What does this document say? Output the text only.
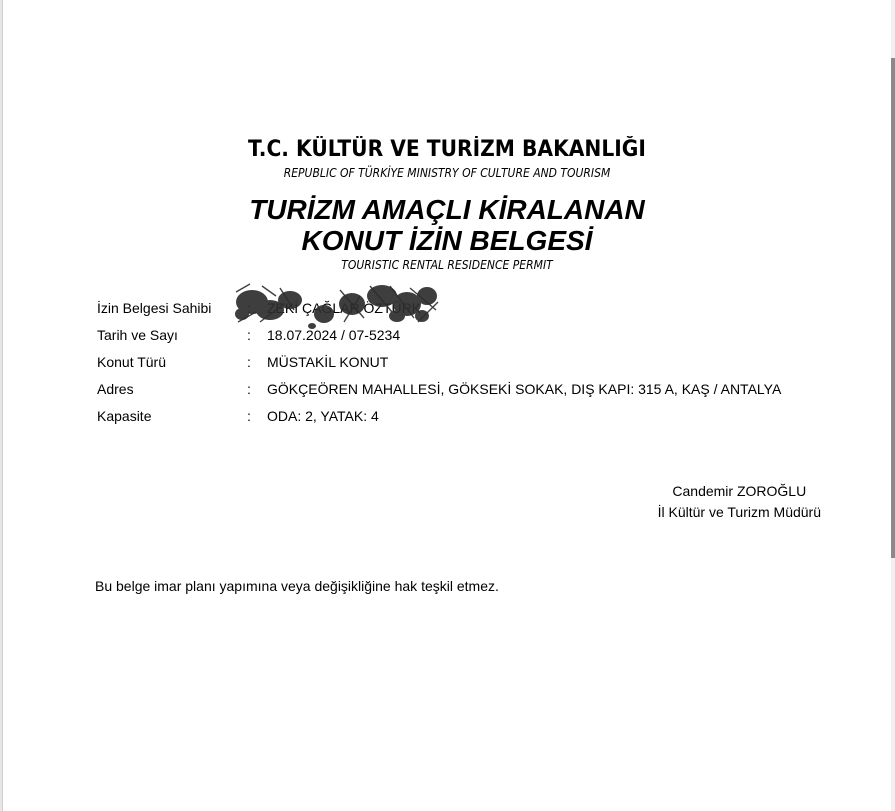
T.C. KÜLTÜR VE TURİZM BAKANLIĞI
REPUBLIC OF TÜRKİYE MINISTRY OF CULTURE AND TOURISM
TURİZM AMAÇLI KİRALANAN
KONUT İZİN BELGESİ
TOURISTIC RENTAL RESIDENCE PERMIT
İzin Belgesi Sahibi	ÖZTÜRK
Tarih ve Sayı	: 18.07.2024 / 07-5234
Konut Türü	: MÜSTAKİL KONUT
Adres	: GÖKÇEÖREN MAHALLESİ, GÖKSEKİ SOKAK, DIŞ KAPI: 315 A, KAŞ / ANTALYA
Kapasite	: ODA: 2, YATAK: 4
Candemir ZOROĞLU
İl Kültür ve Turizm Müdürü
Bu belge imar planı yapımına veya değişikliğine hak teşkil etmez.
